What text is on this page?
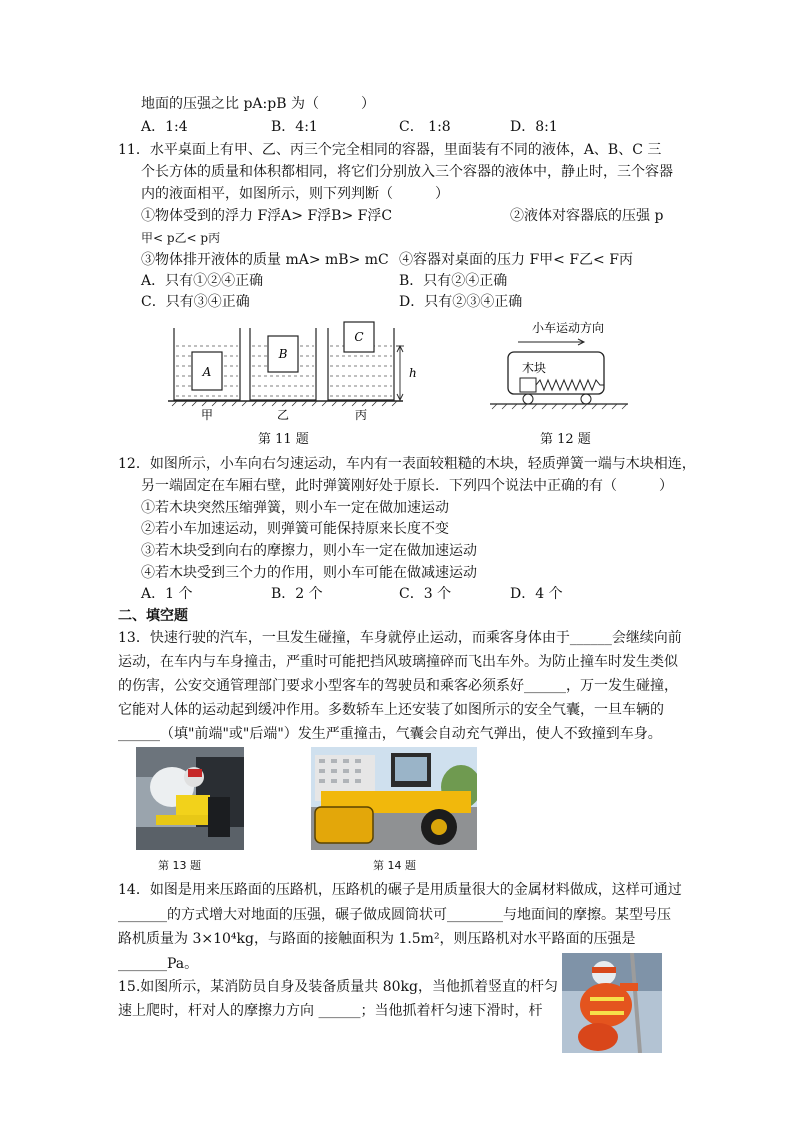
地面的压强之比 pA:pB 为（　　　）
A．1:4	B．4:1	C． 1:8	D．8:1
11．水平桌面上有甲、乙、丙三个完全相同的容器，里面装有不同的液体，A、B、C 三
个长方体的质量和体积都相同，将它们分别放入三个容器的液体中，静止时，三个容器
内的液面相平，如图所示，则下列判断（　　　）
①物体受到的浮力 F浮A> F浮B> F浮C	②液体对容器底的压强 p
甲< p乙< p丙
③物体排开液体的质量 mA> mB> mC ④容器对桌面的压力 F甲< F乙< F丙
A．只有①②④正确	B．只有②④正确
C．只有③④正确	D．只有②③④正确
A
B
C
h
甲	乙	丙
第 11 题
小车运动方向
木块
第 12 题
12．如图所示，小车向右匀速运动，车内有一表面较粗糙的木块，轻质弹簧一端与木块相连，
另一端固定在车厢右壁，此时弹簧刚好处于原长．下列四个说法中正确的有（　　　）
①若木块突然压缩弹簧，则小车一定在做加速运动
②若小车加速运动，则弹簧可能保持原来长度不变
③若木块受到向右的摩擦力，则小车一定在做加速运动
④若木块受到三个力的作用，则小车可能在做减速运动
A．1 个	B．2 个	C．3 个	D．4 个
二、填空题
13．快速行驶的汽车，一旦发生碰撞，车身就停止运动，而乘客身体由于______会继续向前
运动，在车内与车身撞击，严重时可能把挡风玻璃撞碎而飞出车外。为防止撞车时发生类似
的伤害，公安交通管理部门要求小型客车的驾驶员和乘客必须系好______，万一发生碰撞，
它能对人体的运动起到缓冲作用。多数轿车上还安装了如图所示的安全气囊，一旦车辆的
______（填"前端"或"后端"）发生严重撞击，气囊会自动充气弹出，使人不致撞到车身。
第 13 题	第 14 题
14．如图是用来压路面的压路机，压路机的碾子是用质量很大的金属材料做成，这样可通过
_______的方式增大对地面的压强，碾子做成圆筒状可________与地面间的摩擦。某型号压
路机质量为 3×10⁴kg，与路面的接触面积为 1.5m²，则压路机对水平路面的压强是
_______Pa。
15.如图所示，某消防员自身及装备质量共 80kg，当他抓着竖直的杆匀
速上爬时，杆对人的摩擦力方向 ______；当他抓着杆匀速下滑时，杆
